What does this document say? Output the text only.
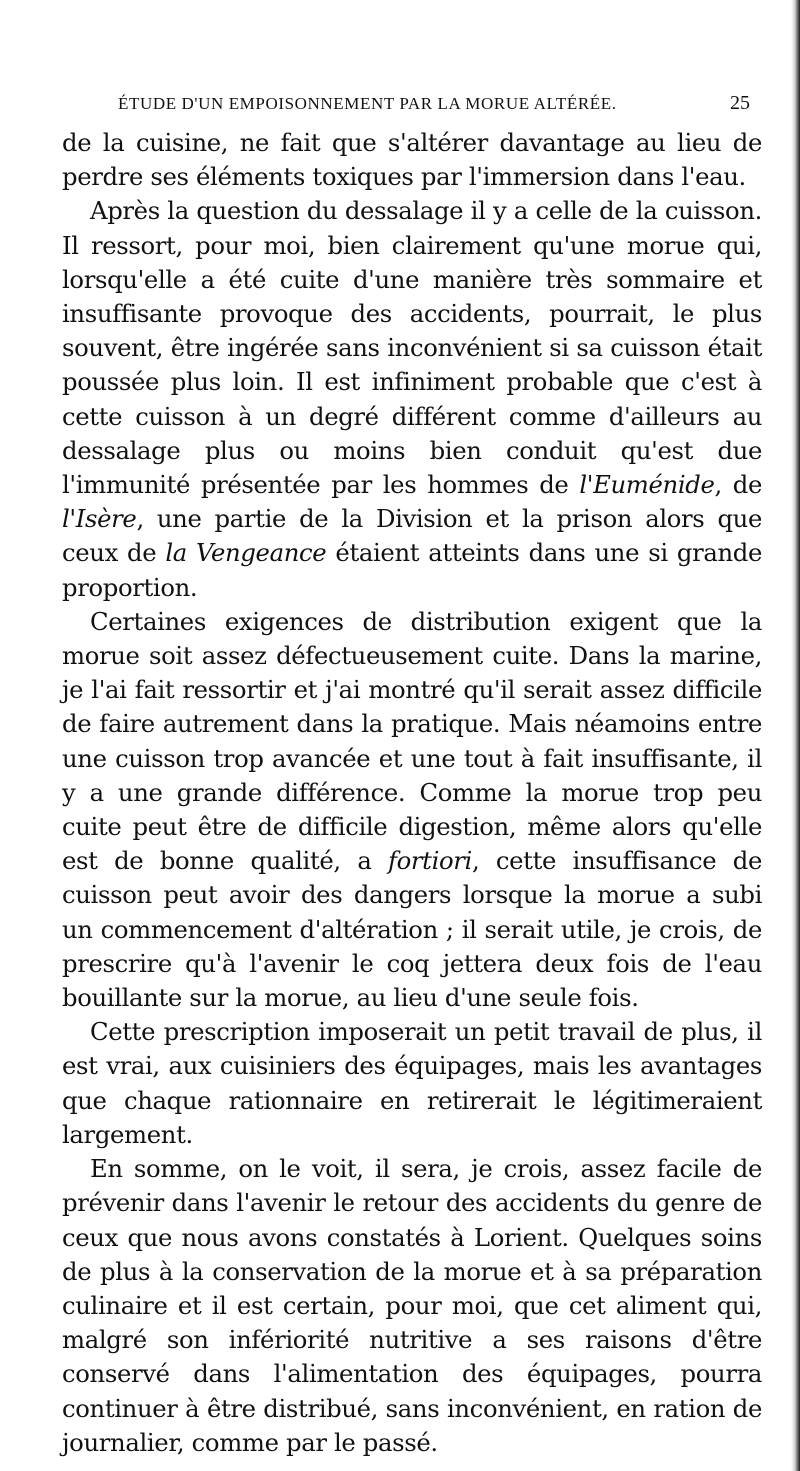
ÉTUDE D'UN EMPOISONNEMENT PAR LA MORUE ALTÉRÉE.	25

de la cuisine, ne fait que s'altérer davantage au lieu de perdre ses éléments toxiques par l'immersion dans l'eau.

Après la question du dessalage il y a celle de la cuisson. Il ressort, pour moi, bien clairement qu'une morue qui, lorsqu'elle a été cuite d'une manière très sommaire et insuffisante provoque des accidents, pourrait, le plus souvent, être ingérée sans inconvénient si sa cuisson était poussée plus loin. Il est infiniment probable que c'est à cette cuisson à un degré différent comme d'ailleurs au dessalage plus ou moins bien conduit qu'est due l'immunité présentée par les hommes de l'Euménide, de l'Isère, une partie de la Division et la prison alors que ceux de la Vengeance étaient atteints dans une si grande proportion.

Certaines exigences de distribution exigent que la morue soit assez défectueusement cuite. Dans la marine, je l'ai fait ressortir et j'ai montré qu'il serait assez difficile de faire autrement dans la pratique. Mais néamoins entre une cuisson trop avancée et une tout à fait insuffisante, il y a une grande différence. Comme la morue trop peu cuite peut être de difficile digestion, même alors qu'elle est de bonne qualité, a fortiori, cette insuffisance de cuisson peut avoir des dangers lorsque la morue a subi un commencement d'altération ; il serait utile, je crois, de prescrire qu'à l'avenir le coq jettera deux fois de l'eau bouillante sur la morue, au lieu d'une seule fois.

Cette prescription imposerait un petit travail de plus, il est vrai, aux cuisiniers des équipages, mais les avantages que chaque rationnaire en retirerait le légitimeraient largement.

En somme, on le voit, il sera, je crois, assez facile de prévenir dans l'avenir le retour des accidents du genre de ceux que nous avons constatés à Lorient. Quelques soins de plus à la conservation de la morue et à sa préparation culinaire et il est certain, pour moi, que cet aliment qui, malgré son infériorité nutritive a ses raisons d'être conservé dans l'alimentation des équipages, pourra continuer à être distribué, sans inconvénient, en ration de journalier, comme par le passé.
